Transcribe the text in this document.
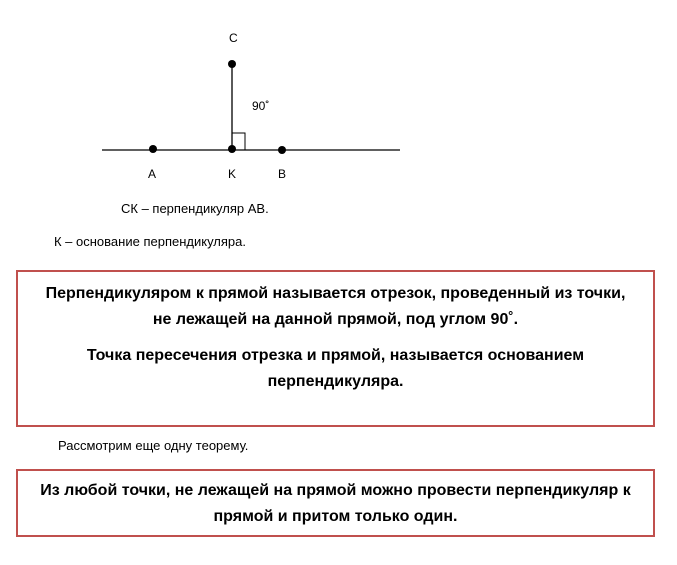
C
A	K	B
90˚
СК – перпендикуляр АВ.
К – основание перпендикуляра.

Перпендикуляром к прямой называется отрезок, проведенный из точки,

не лежащей на данной прямой, под углом 90˚.

Точка пересечения отрезка и прямой, называется основанием

перпендикуляра.

Рассмотрим еще одну теорему.

Из любой точки, не лежащей на прямой можно провести перпендикуляр к

прямой и притом только один.
